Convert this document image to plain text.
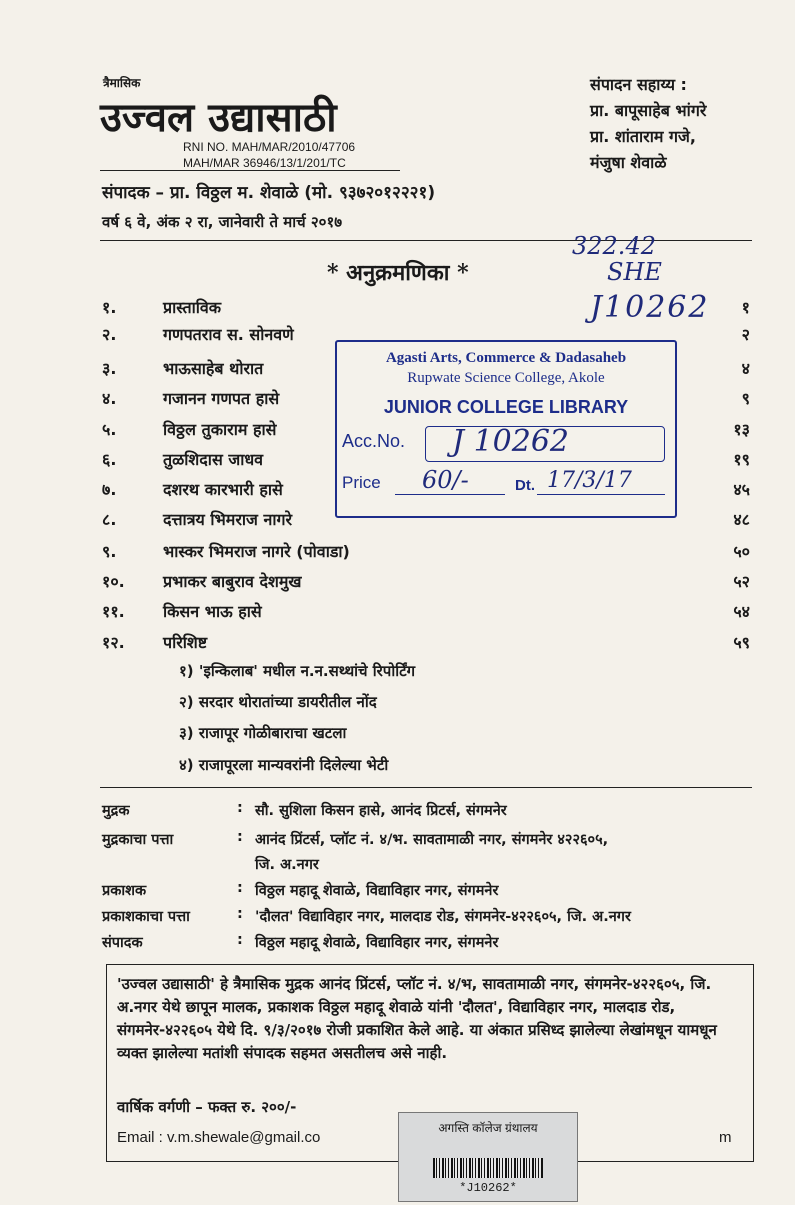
त्रैमासिक
उज्वल उद्यासाठी
RNI NO. MAH/MAR/2010/47706
MAH/MAR 36946/13/1/201/TC
संपादन सहाय्य :
प्रा. बापूसाहेब भांगरे
प्रा. शांताराम गजे,
मंजुषा शेवाळे
संपादक – प्रा. विठ्ठल म. शेवाळे (मो. ९३७२०१२२२१)
वर्ष ६ वे, अंक २ रा, जानेवारी ते मार्च २०१७
322.42
SHE
J10262
* अनुक्रमणिका *
१.	प्रास्ताविक	१
२.	गणपतराव स. सोनवणे	२
३.	भाऊसाहेब थोरात	४
४.	गजानन गणपत हासे	९
५.	विठ्ठल तुकाराम हासे	१३
६.	तुळशिदास जाधव	१९
७.	दशरथ कारभारी हासे	४५
८.	दत्तात्रय भिमराज नागरे	४८
९.	भास्कर भिमराज नागरे (पोवाडा)	५०
१०. प्रभाकर बाबुराव देशमुख	५२
११. किसन भाऊ हासे	५४
१२. परिशिष्ट	५९
१) 'इन्किलाब' मधील न.न.सथ्थांचे रिपोर्टिंग
२) सरदार थोरातांच्या डायरीतील नोंद
३) राजापूर गोळीबाराचा खटला
४) राजापूरला मान्यवरांनी दिलेल्या भेटी
Agasti Arts, Commerce & Dadasaheb
Rupwate Science College, Akole
JUNIOR COLLEGE LIBRARY
Acc.No. J 10262
Price 60/-	Dt. 17/3/17
मुद्रक	: सौ. सुशिला किसन हासे, आनंद प्रिटर्स, संगमनेर
मुद्रकाचा पत्ता	: आनंद प्रिंटर्स, प्लॉट नं. ४/भ. सावतामाळी नगर, संगमनेर ४२२६०५,
जि. अ.नगर
प्रकाशक	: विठ्ठल महादू शेवाळे, विद्याविहार नगर, संगमनेर
प्रकाशकाचा पत्ता	: 'दौलत' विद्याविहार नगर, मालदाड रोड, संगमनेर-४२२६०५, जि. अ.नगर
संपादक	: विठ्ठल महादू शेवाळे, विद्याविहार नगर, संगमनेर
'उज्वल उद्यासाठी' हे त्रैमासिक मुद्रक आनंद प्रिंटर्स, प्लॉट नं. ४/भ, सावतामाळी नगर, संगमनेर-४२२६०५, जि. अ.नगर येथे छापून मालक, प्रकाशक विठ्ठल महादू शेवाळे यांनी 'दौलत', विद्याविहार नगर, मालदाड रोड, संगमनेर-४२२६०५ येथे दि. ९/३/२०१७ रोजी प्रकाशित केले आहे. या अंकात प्रसिध्द झालेल्या लेखांमधून यामधून व्यक्त झालेल्या मतांशी संपादक सहमत असतीलच असे नाही.
वार्षिक वर्गणी – फक्त रु. २००/-
Email : v.m.shewale@gmail.co	m
अगस्ति कॉलेज ग्रंथालय
*J10262*
